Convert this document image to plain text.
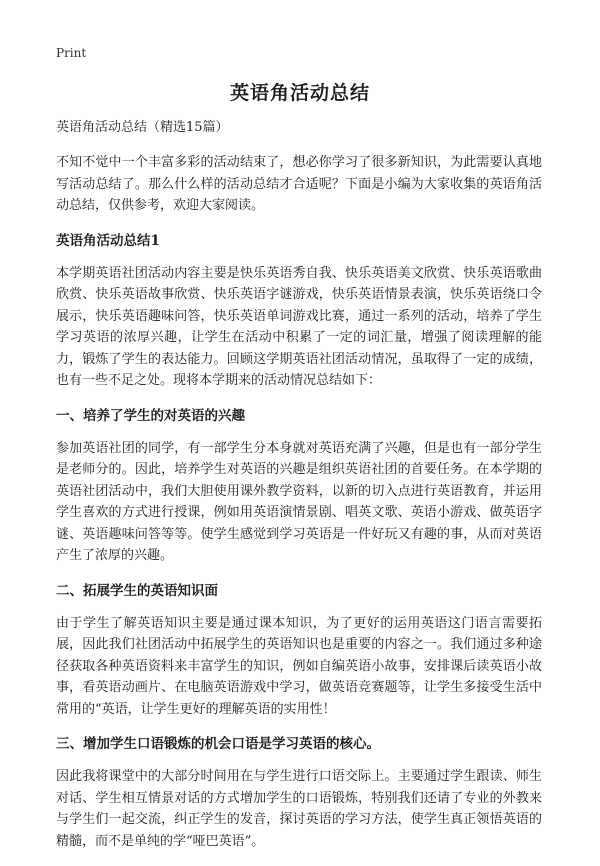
Print
英语角活动总结
英语角活动总结（精选15篇）

不知不觉中一个丰富多彩的活动结束了，想必你学习了很多新知识，为此需要认真地写活动总结了。那么什么样的活动总结才合适呢？下面是小编为大家收集的英语角活动总结，仅供参考，欢迎大家阅读。

英语角活动总结1

本学期英语社团活动内容主要是快乐英语秀自我、快乐英语美文欣赏、快乐英语歌曲欣赏、快乐英语故事欣赏、快乐英语字谜游戏，快乐英语情景表演，快乐英语绕口令展示，快乐英语趣味问答，快乐英语单词游戏比赛，通过一系列的活动，培养了学生学习英语的浓厚兴趣，让学生在活动中积累了一定的词汇量，增强了阅读理解的能力，锻炼了学生的表达能力。回顾这学期英语社团活动情况，虽取得了一定的成绩，也有一些不足之处。现将本学期来的活动情况总结如下：

一、培养了学生的对英语的兴趣

参加英语社团的同学，有一部学生分本身就对英语充满了兴趣，但是也有一部分学生是老师分的。因此，培养学生对英语的兴趣是组织英语社团的首要任务。在本学期的英语社团活动中，我们大胆使用课外教学资料，以新的切入点进行英语教育，并运用学生喜欢的方式进行授课，例如用英语演情景剧、唱英文歌、英语小游戏、做英语字谜、英语趣味问答等等。使学生感觉到学习英语是一件好玩又有趣的事，从而对英语产生了浓厚的兴趣。

二、拓展学生的英语知识面

由于学生了解英语知识主要是通过课本知识，为了更好的运用英语这门语言需要拓展，因此我们社团活动中拓展学生的英语知识也是重要的内容之一。我们通过多种途径获取各种英语资料来丰富学生的知识，例如自编英语小故事，安排课后读英语小故事，看英语动画片、在电脑英语游戏中学习，做英语竞赛题等，让学生多接受生活中常用的“英语，让学生更好的理解英语的实用性！

三、增加学生口语锻炼的机会口语是学习英语的核心。

因此我将课堂中的大部分时间用在与学生进行口语交际上。主要通过学生跟读、师生对话、学生相互情景对话的方式增加学生的口语锻炼，特别我们还请了专业的外教来与学生们一起交流，纠正学生的发音，探讨英语的学习方法，使学生真正领悟英语的精髓，而不是单纯的学“哑巴英语”。
